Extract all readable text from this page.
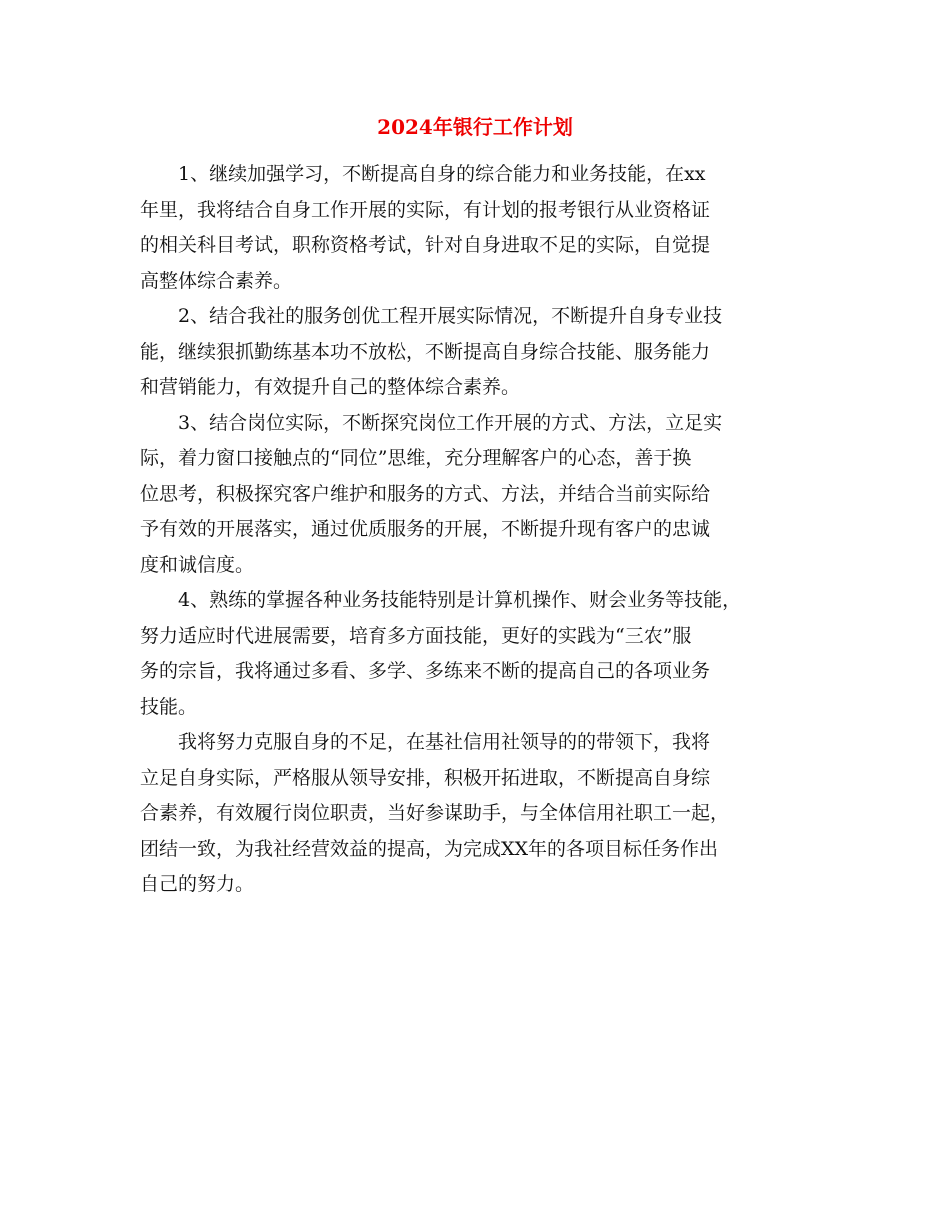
2024年银行工作计划

　　1、继续加强学习，不断提高自身的综合能力和业务技能，在xx
年里，我将结合自身工作开展的实际，有计划的报考银行从业资格证
的相关科目考试，职称资格考试，针对自身进取不足的实际，自觉提
高整体综合素养。

　　2、结合我社的服务创优工程开展实际情况，不断提升自身专业技
能，继续狠抓勤练基本功不放松，不断提高自身综合技能、服务能力
和营销能力，有效提升自己的整体综合素养。

　　3、结合岗位实际，不断探究岗位工作开展的方式、方法，立足实
际，着力窗口接触点的“同位”思维，充分理解客户的心态，善于换
位思考，积极探究客户维护和服务的方式、方法，并结合当前实际给
予有效的开展落实，通过优质服务的开展，不断提升现有客户的忠诚
度和诚信度。

　　4、熟练的掌握各种业务技能特别是计算机操作、财会业务等技能，
努力适应时代进展需要，培育多方面技能，更好的实践为“三农”服
务的宗旨，我将通过多看、多学、多练来不断的提高自己的各项业务
技能。

　　我将努力克服自身的不足，在基社信用社领导的的带领下，我将
立足自身实际，严格服从领导安排，积极开拓进取，不断提高自身综
合素养，有效履行岗位职责，当好参谋助手，与全体信用社职工一起，
团结一致，为我社经营效益的提高，为完成XX年的各项目标任务作出
自己的努力。
